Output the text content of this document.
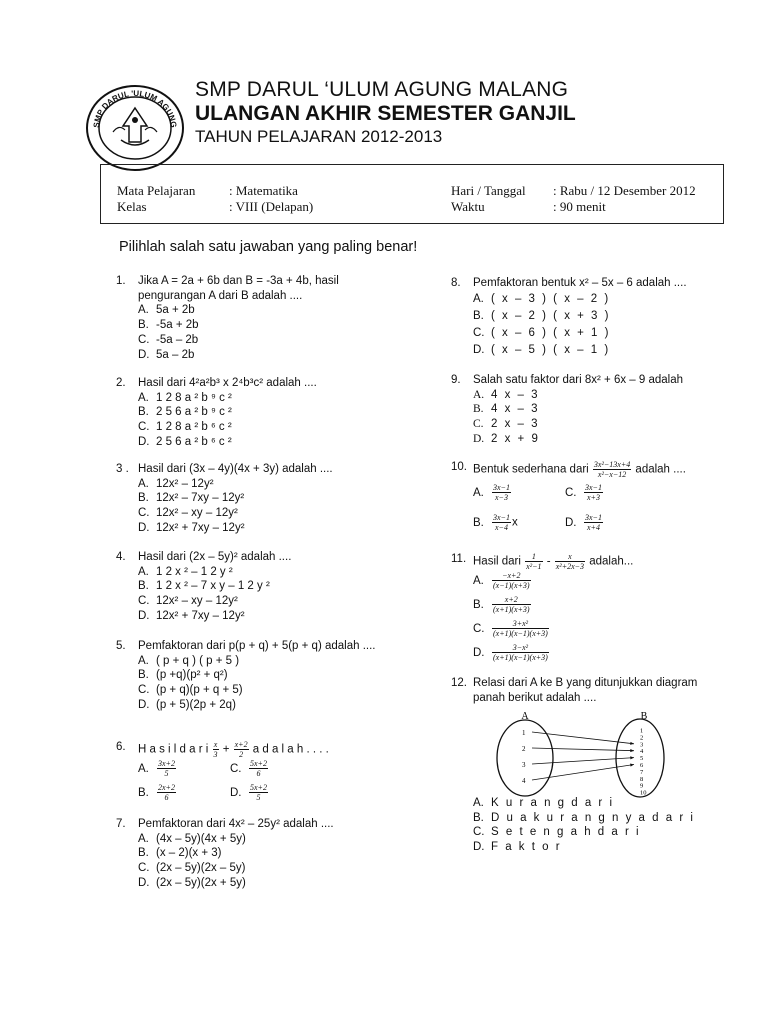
SMP DARUL 'ULUM AGUNG
SMP DARUL ‘ULUM AGUNG MALANG
ULANGAN AKHIR SEMESTER GANJIL
TAHUN PELAJARAN 2012-2013
Mata Pelajaran	: Matematika
Kelas	: VIII (Delapan)
Hari / Tanggal : Rabu / 12 Desember 2012
Waktu	: 90 menit
Pilihlah salah satu jawaban yang paling benar!
1. Jika A = 2a + 6b dan B = -3a + 4b, hasil pengurangan A dari B adalah ....
A. 5a + 2b
B. -5a + 2b
C. -5a – 2b
D. 5a – 2b
2. Hasil dari 4²a²b³ x 2⁴b³c² adalah ....
A. 1 2 8 a ² b ⁹ c ²
B. 2 5 6 a ² b ⁹ c ²
C. 1 2 8 a ² b ⁶ c ²
D. 2 5 6 a ² b ⁶ c ²
3 . Hasil dari (3x – 4y)(4x + 3y) adalah ....
A. 12x² – 12y²
B. 12x² – 7xy – 12y²
C. 12x² – xy – 12y²
D. 12x² + 7xy – 12y²
4. Hasil dari (2x – 5y)² adalah ....
A. 1 2 x ² – 1 2 y ²
B. 1 2 x ² – 7 x y – 1 2 y ²
C. 12x² – xy – 12y²
D. 12x² + 7xy – 12y²
5. Pemfaktoran dari p(p + q) + 5(p + q) adalah ....
A. ( p + q ) ( p + 5 )
B. (p +q)(p² + q²)
C. (p + q)(p + q + 5)
D. (p + 5)(2p + 2q)
6. H a s i l d a r i $\frac{x}{3} + \frac{x+2}{2}$ a d a l a h . . . .
A. $\frac{3x+2}{5}$	C. $\frac{5x+2}{6}$
B. $\frac{2x+2}{6}$	D. $\frac{5x+2}{5}$
7. Pemfaktoran dari 4x² – 25y² adalah ....
A. (4x – 5y)(4x + 5y)
B. (x – 2)(x + 3)
C. (2x – 5y)(2x – 5y)
D. (2x – 5y)(2x + 5y)
8. Pemfaktoran bentuk x² – 5x – 6 adalah ....
A. ( x – 3 ) ( x – 2 )
B. ( x – 2 ) ( x + 3 )
C. ( x – 6 ) ( x + 1 )
D. ( x – 5 ) ( x – 1 )
9. Salah satu faktor dari 8x² + 6x – 9 adalah
A. 4 x – 3
B. 4 x – 3
C. 2 x – 3
D. 2 x + 9
10. Bentuk sederhana dari $\frac{\text{3x²−13x+4}}{\text{x²−x−12}}$ adalah ....
A. $\frac{3x-1}{x-3}$	C. $\frac{3x-1}{x+3}$
B. $\frac{3x-1}{x-4}$ x	D. $\frac{3x-1}{x+4}$
11. Hasil dari $\frac{1}{\text{x²−1}} - \frac{x}{\text{x²+2x−3}}$ adalah...
A. $\frac{-x+2}{(x-1)(x+3)}$
B. $\frac{x+2}{(x+1)(x+3)}$
C. $\frac{\text{3+x²}}{(x+1)(x-1)(x+3)}$
D. $\frac{\text{3−x²}}{(x+1)(x-1)(x+3)}$
12. Relasi dari A ke B yang ditunjukkan diagram panah berikut adalah ....
A	B
1
2
3
4
1
2
3
4
5
6
7
8
9
10
A. K u r a n g d a r i
B. D u a k u r a n g n y a d a r i
C. S e t e n g a h d a r i
D. F a k t o r
